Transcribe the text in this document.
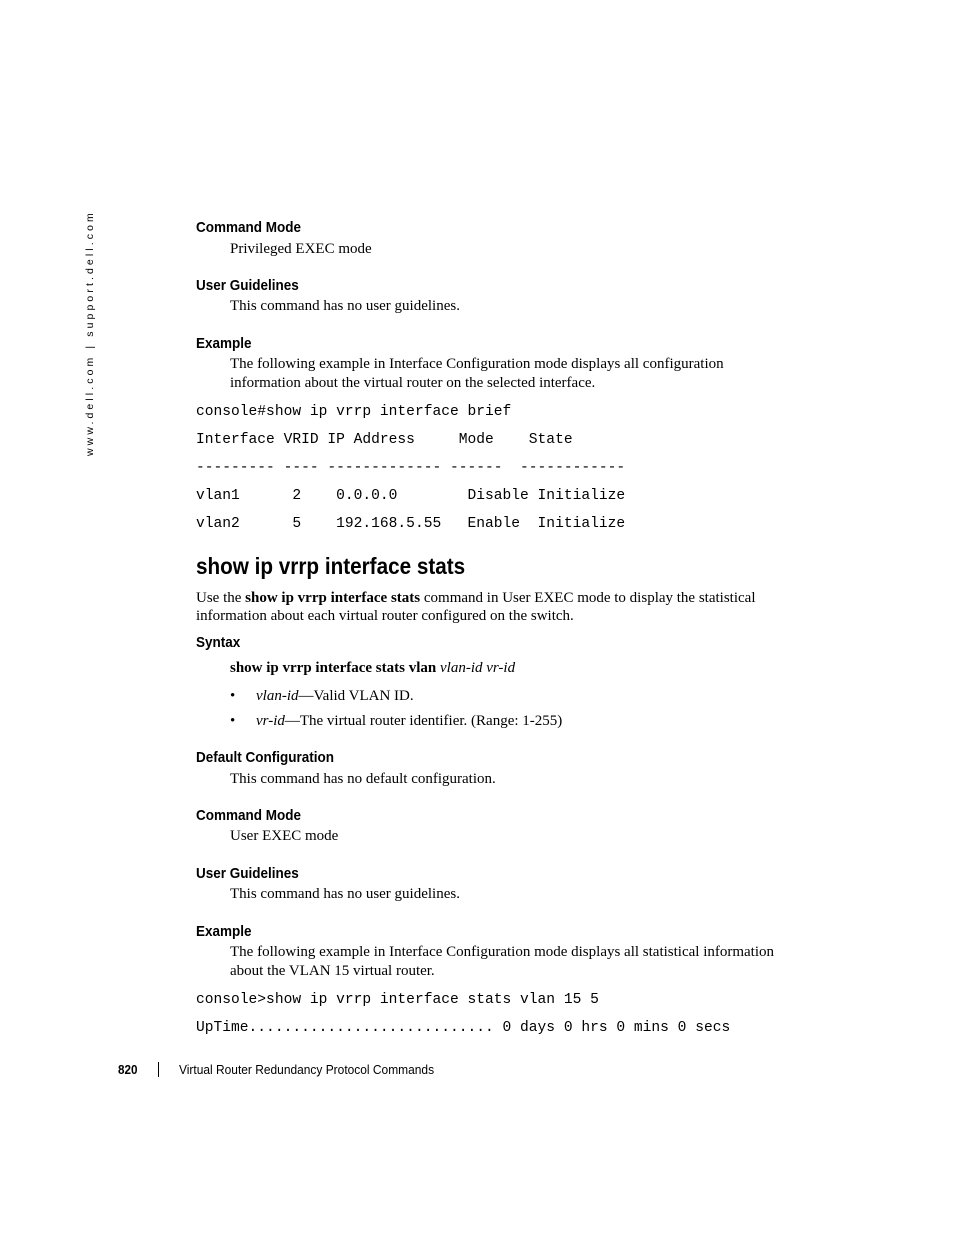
www.dell.com | support.dell.com	Command Mode
Privileged EXEC mode
User Guidelines
This command has no user guidelines.
Example
The following example in Interface Configuration mode displays all configuration
information about the virtual router on the selected interface.
console#show ip vrrp interface brief
Interface VRID IP Address     Mode    State
--------- ---- ------------- ------  ------------
vlan1      2    0.0.0.0        Disable Initialize
vlan2      5    192.168.5.55   Enable  Initialize
show ip vrrp interface stats
Use the show ip vrrp interface stats command in User EXEC mode to display the statistical
information about each virtual router configured on the switch.
Syntax
show ip vrrp interface stats vlan vlan-id vr-id
• vlan-id—Valid VLAN ID.
• vr-id—The virtual router identifier. (Range: 1-255)
Default Configuration
This command has no default configuration.
Command Mode
User EXEC mode
User Guidelines
This command has no user guidelines.
Example
The following example in Interface Configuration mode displays all statistical information
about the VLAN 15 virtual router.
console>show ip vrrp interface stats vlan 15 5
UpTime............................ 0 days 0 hrs 0 mins 0 secs
820	Virtual Router Redundancy Protocol Commands
